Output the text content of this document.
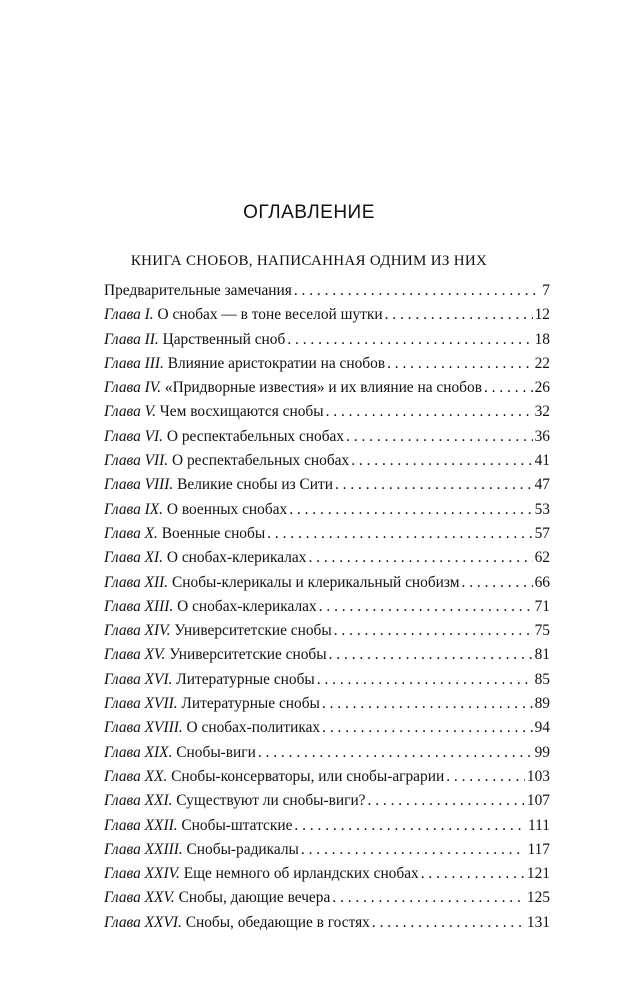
ОГЛАВЛЕНИЕ
КНИГА СНОБОВ, НАПИСАННАЯ ОДНИМ ИЗ НИХ
Предварительные замечания . . .	7
Глава I. О снобах — в тоне веселой шутки . . .	12
Глава II. Царственный сноб . . .	18
Глава III. Влияние аристократии на снобов . . .	22
Глава IV. «Придворные известия» и их влияние на снобов . . .	26
Глава V. Чем восхищаются снобы . . .	32
Глава VI. О респектабельных снобах . . .	36
Глава VII. О респектабельных снобах . . .	41
Глава VIII. Великие снобы из Сити . . .	47
Глава IX. О военных снобах . . .	53
Глава X. Военные снобы . . .	57
Глава XI. О снобах-клерикалах . . .	62
Глава XII. Снобы-клерикалы и клерикальный снобизм . . .	66
Глава XIII. О снобах-клерикалах . . .	71
Глава XIV. Университетские снобы . . .	75
Глава XV. Университетские снобы . . .	81
Глава XVI. Литературные снобы . . .	85
Глава XVII. Литературные снобы . . .	89
Глава XVIII. О снобах-политиках . . .	94
Глава XIX. Снобы-виги . . .	99
Глава XX. Снобы-консерваторы, или снобы-аграрии . . .	103
Глава XXI. Существуют ли снобы-виги? . . .	107
Глава XXII. Снобы-штатские . . .	111
Глава XXIII. Снобы-радикалы . . .	117
Глава XXIV. Еще немного об ирландских снобах . . .	121
Глава XXV. Снобы, дающие вечера . . .	125
Глава XXVI. Снобы, обедающие в гостях . . .	131
